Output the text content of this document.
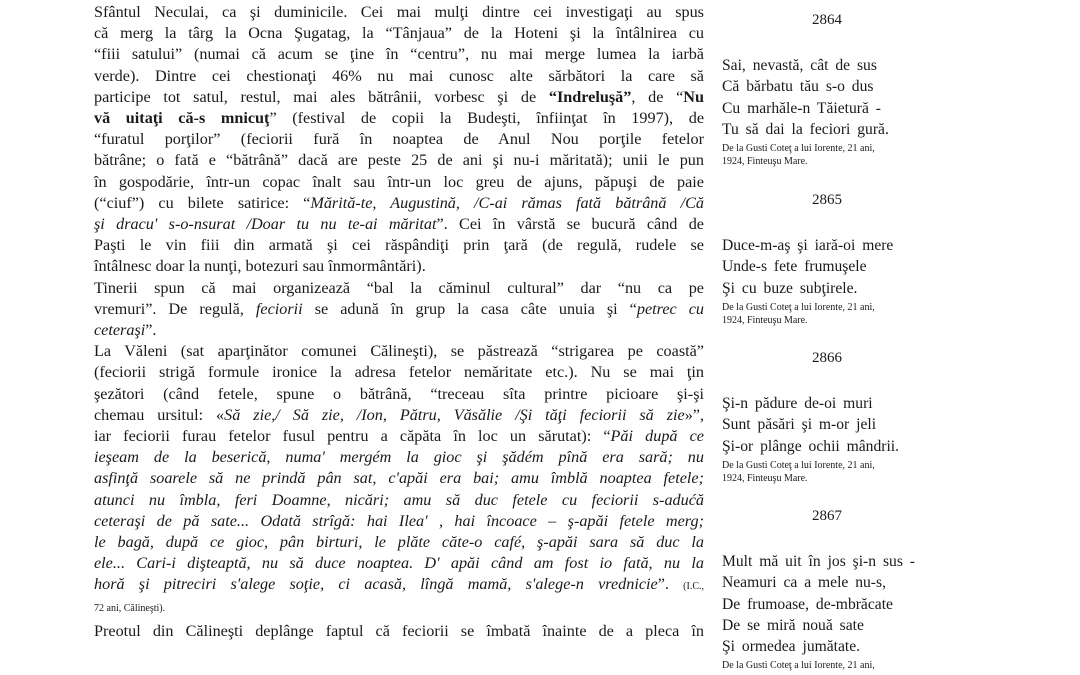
Sfântul Neculai, ca şi duminicile. Cei mai mulţi dintre cei investigaţi au spus
că merg la târg la Ocna Şugatag, la “Tânjaua” de la Hoteni şi la întâlnirea cu
“fiii satului” (numai că acum se ţine în “centru”, nu mai merge lumea la iarbă
verde). Dintre cei chestionaţi 46% nu mai cunosc alte sărbători la care să
participe tot satul, restul, mai ales bătrânii, vorbesc şi de “Indreluşă”, de “Nu
vă uitaţi că-s mnicuţ” (festival de copii la Budeşti, înfiinţat în 1997), de
“furatul porţilor” (feciorii fură în noaptea de Anul Nou porţile fetelor
bătrâne; o fată e “bătrână” dacă are peste 25 de ani şi nu-i măritată); unii le pun
în gospodărie, într-un copac înalt sau într-un loc greu de ajuns, păpuşi de paie
(“ciuf”) cu bilete satirice: “Mărită-te, Augustină, /C-ai rămas fată bătrână /Că
şi dracu' s-o-nsurat /Doar tu nu te-ai măritat”. Cei în vârstă se bucură când de
Paşti le vin fiii din armată şi cei răspândiţi prin ţară (de regulă, rudele se
întâlnesc doar la nunţi, botezuri sau înmormântări).
Tinerii spun că mai organizează “bal la căminul cultural” dar “nu ca pe
vremuri”. De regulă, feciorii se adună în grup la casa câte unuia şi “petrec cu
ceteraşi”.
La Văleni (sat aparţinător comunei Călineşti), se păstrează “strigarea pe coastă”
(feciorii strigă formule ironice la adresa fetelor nemăritate etc.). Nu se mai ţin
şezători (când fetele, spune o bătrână, “treceau sîta printre picioare şi-şi
chemau ursitul: «Să zie,/ Să zie, /Ion, Pătru, Văsălie /Şi tăţi feciorii să zie»”,
iar feciorii furau fetelor fusul pentru a căpăta în loc un sărutat): “Păi după ce
ieşeam de la beserică, numa' mergém la gioc şi şădém pînă era sară; nu
asfinţă soarele să ne prindă pân sat, c'apăi era bai; amu îmblă noaptea fetele;
atunci nu îmbla, feri Doamne, nicări; amu să duc fetele cu feciorii s-adućă
ceteraşi de pă sate... Odată strîgă: hai Ilea' , hai încoace – ş-apăi fetele merg;
le bagă, după ce gioc, pân birturi, le plăte căte-o café, ş-apăi sara să duc la
ele... Cari-i dişteaptă, nu să duce noaptea. D' apăi când am fost io fată, nu la
horă şi pitreciri s'alege soţie, ci acasă, lîngă mamă, s'alege-n vrednicie”. (I.C.,
72 ani, Călineşti).
Preotul din Călineşti deplânge faptul că feciorii se îmbată înainte de a pleca în
2864
Sai, nevastă, cât de sus
Că bărbatu tău s-o dus
Cu marhăle-n Tăietură -
Tu să dai la feciori gură.
De la Gusti Coteţ a lui Iorente, 21 ani,
1924, Finteuşu Mare.
2865
Duce-m-aş şi iară-oi mere
Unde-s fete frumuşele
Şi cu buze subţirele.
De la Gusti Coteţ a lui Iorente, 21 ani,
1924, Finteuşu Mare.
2866
Şi-n pădure de-oi muri
Sunt păsări şi m-or jeli
Şi-or plânge ochii mândrii.
De la Gusti Coteţ a lui Iorente, 21 ani,
1924, Finteuşu Mare.
2867
Mult mă uit în jos şi-n sus -
Neamuri ca a mele nu-s,
De frumoase, de-mbrăcate
De se miră nouă sate
Şi ormedea jumătate.
De la Gusti Coteţ a lui Iorente, 21 ani,
